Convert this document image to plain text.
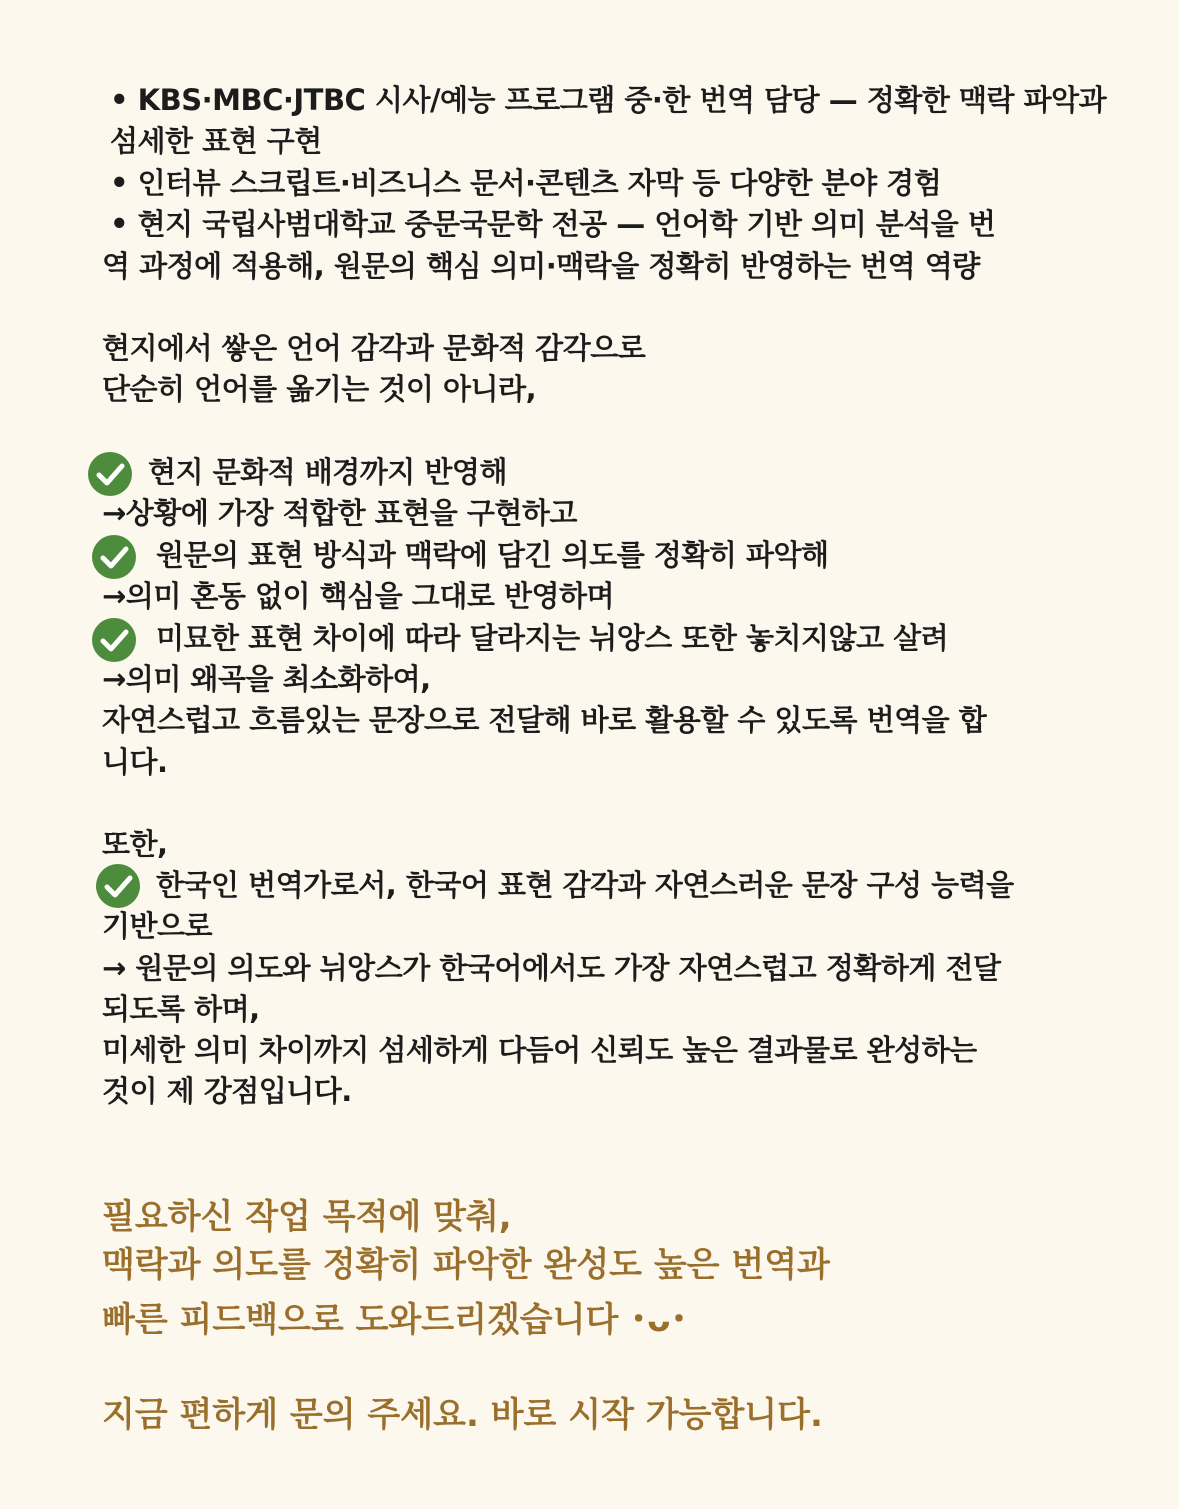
• KBS·MBC·JTBC 시사/예능 프로그램 중·한 번역 담당 — 정확한 맥락 파악과
섬세한 표현 구현
• 인터뷰 스크립트·비즈니스 문서·콘텐츠 자막 등 다양한 분야 경험
• 현지 국립사범대학교 중문국문학 전공 — 언어학 기반 의미 분석을 번
역 과정에 적용해, 원문의 핵심 의미·맥락을 정확히 반영하는 번역 역량
현지에서 쌓은 언어 감각과 문화적 감각으로
단순히 언어를 옮기는 것이 아니라,
현지 문화적 배경까지 반영해
→상황에 가장 적합한 표현을 구현하고
원문의 표현 방식과 맥락에 담긴 의도를 정확히 파악해
→의미 혼동 없이 핵심을 그대로 반영하며
미묘한 표현 차이에 따라 달라지는 뉘앙스 또한 놓치지않고 살려
→의미 왜곡을 최소화하여,
자연스럽고 흐름있는 문장으로 전달해 바로 활용할 수 있도록 번역을 합
니다.
또한,
한국인 번역가로서, 한국어 표현 감각과 자연스러운 문장 구성 능력을
기반으로
→ 원문의 의도와 뉘앙스가 한국어에서도 가장 자연스럽고 정확하게 전달
되도록 하며,
미세한 의미 차이까지 섬세하게 다듬어 신뢰도 높은 결과물로 완성하는
것이 제 강점입니다.
필요하신 작업 목적에 맞춰,
맥락과 의도를 정확히 파악한 완성도 높은 번역과
빠른 피드백으로 도와드리겠습니다 ･ᴗ･
지금 편하게 문의 주세요. 바로 시작 가능합니다.
